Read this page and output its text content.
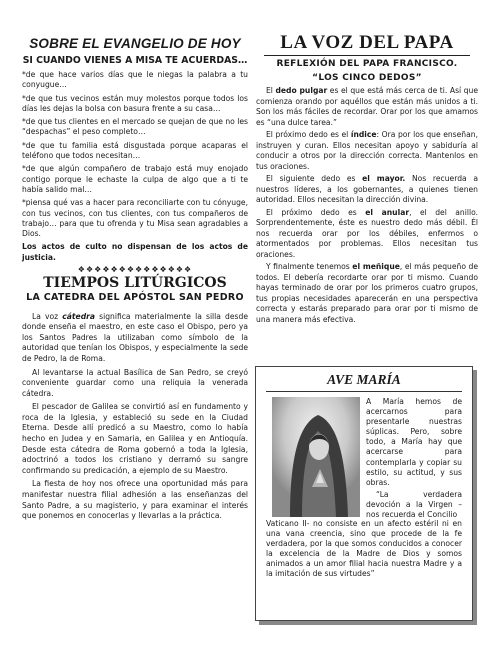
SOBRE EL EVANGELIO DE HOY
SI CUANDO VIENES A MISA TE ACUERDAS…

*de que hace varios días que le niegas la palabra a tu conyugue…

*de que tus vecinos están muy molestos porque todos los días les dejas la bolsa con basura frente a su casa…

*de que tus clientes en el mercado se quejan de que no les “despachas” el peso completo…

*de que tu familia está disgustada porque acaparas el teléfono que todos necesitan…

*de que algún compañero de trabajo está muy enojado contigo porque le echaste la culpa de algo que a ti te había salido mal…

*piensa qué vas a hacer para reconciliarte con tu cónyuge, con tus vecinos, con tus clientes, con tus compañeros de trabajo… para que tu ofrenda y tu Misa sean agradables a Dios.

Los actos de culto no dispensan de los actos de justicia.

❖❖❖❖❖❖❖❖❖❖❖❖❖❖
TIEMPOS LITÚRGICOS
LA CATEDRA DEL APÓSTOL SAN PEDRO

La voz cátedra significa materialmente la silla desde donde enseña el maestro, en este caso el Obispo, pero ya los Santos Padres la utilizaban como símbolo de la autoridad que tenían los Obispos, y especialmente la sede de Pedro, la de Roma.

Al levantarse la actual Basílica de San Pedro, se creyó conveniente guardar como una reliquia la venerada cátedra.

El pescador de Galilea se convirtió así en fundamento y roca de la Iglesia, y estableció su sede en la Ciudad Eterna. Desde allí predicó a su Maestro, como lo había hecho en Judea y en Samaria, en Galilea y en Antioquía. Desde esta cátedra de Roma gobernó a toda la Iglesia, adoctrinó a todos los cristiano y derramó su sangre confirmando su predicación, a ejemplo de su Maestro.

La fiesta de hoy nos ofrece una oportunidad más para manifestar nuestra filial adhesión a las enseñanzas del Santo Padre, a su magisterio, y para examinar el interés que ponemos en conocerlas y llevarlas a la práctica.

LA VOZ DEL PAPA
REFLEXIÓN DEL PAPA FRANCISCO.
“LOS CINCO DEDOS”

El dedo pulgar es el que está más cerca de ti. Así que comienza orando por aquéllos que están más unidos a ti. Son los más fáciles de recordar. Orar por los que amamos es “una dulce tarea.”

El próximo dedo es el índice: Ora por los que enseñan, instruyen y curan. Ellos necesitan apoyo y sabiduría al conducir a otros por la dirección correcta. Mantenlos en tus oraciones.

El siguiente dedo es el mayor. Nos recuerda a nuestros líderes, a los gobernantes, a quienes tienen autoridad. Ellos necesitan la dirección divina.

El próximo dedo es el anular, el del anillo. Sorprendentemente, éste es nuestro dedo más débil. Él nos recuerda orar por los débiles, enfermos o atormentados por problemas. Ellos necesitan tus oraciones.

Y finalmente tenemos el meñique, el más pequeño de todos. El debería recordarte orar por ti mismo. Cuando hayas terminado de orar por los primeros cuatro grupos, tus propias necesidades aparecerán en una perspectiva correcta y estarás preparado para orar por ti mismo de una manera más efectiva.

AVE MARÍA

A María hemos de acercarnos para presentarle nuestras súplicas. Pero, sobre todo, a María hay que acercarse para contemplarla y copiar su estilo, su actitud, y sus obras.

“La verdadera devoción a la Virgen – nos recuerda el Concilio

Vaticano II- no consiste en un afecto estéril ni en una vana creencia, sino que procede de la fe verdadera, por la que somos conducidos a conocer la excelencia de la Madre de Dios y somos animados a un amor filial hacia nuestra Madre y a la imitación de sus virtudes”
